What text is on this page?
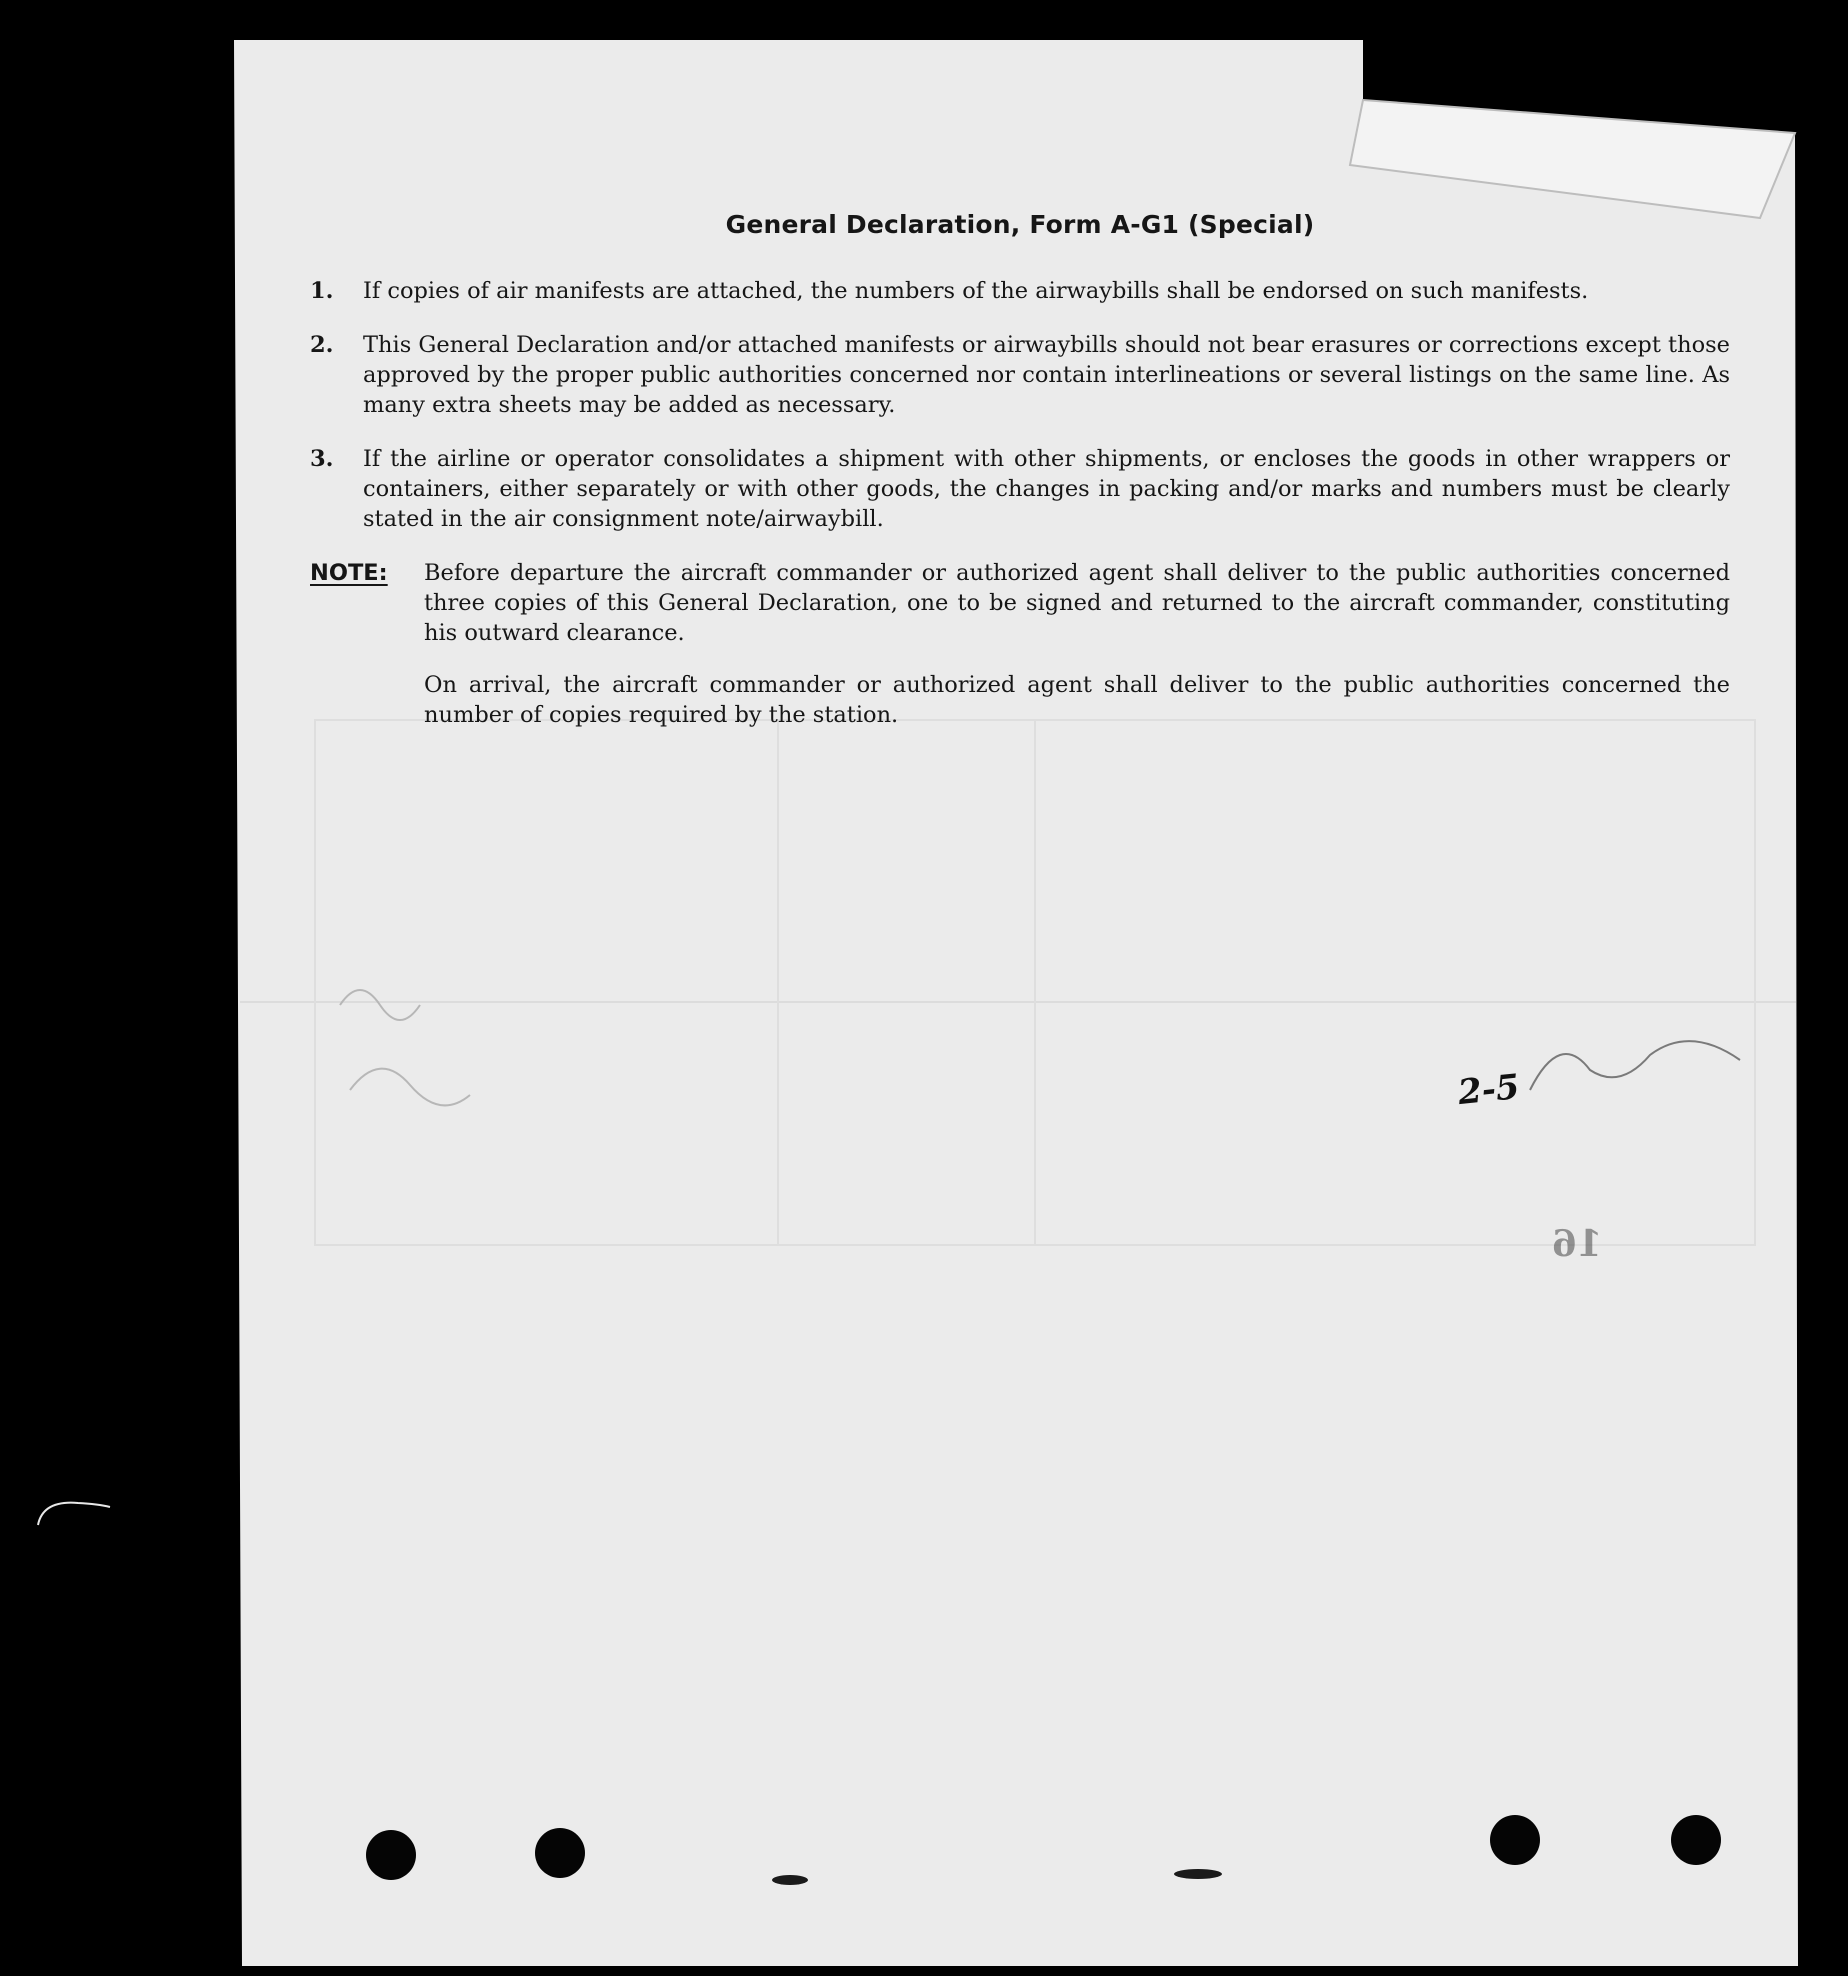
General Declaration, Form A-G1 (Special)
1. If copies of air manifests are attached, the numbers of the airwaybills shall be endorsed on such manifests.
2. This General Declaration and/or attached manifests or airwaybills should not bear erasures or corrections except those approved by the proper public authorities concerned nor contain interlineations or several listings on the same line. As many extra sheets may be added as necessary.
3. If the airline or operator consolidates a shipment with other shipments, or encloses the goods in other wrappers or containers, either separately or with other goods, the changes in packing and/or marks and numbers must be clearly stated in the air consignment note/airwaybill.
NOTE: Before departure the aircraft commander or authorized agent shall deliver to the public authorities concerned three copies of this General Declaration, one to be signed and returned to the aircraft commander, constituting his outward clearance.

On arrival, the aircraft commander or authorized agent shall deliver to the public authorities concerned the number of copies required by the station.

2-5
16
